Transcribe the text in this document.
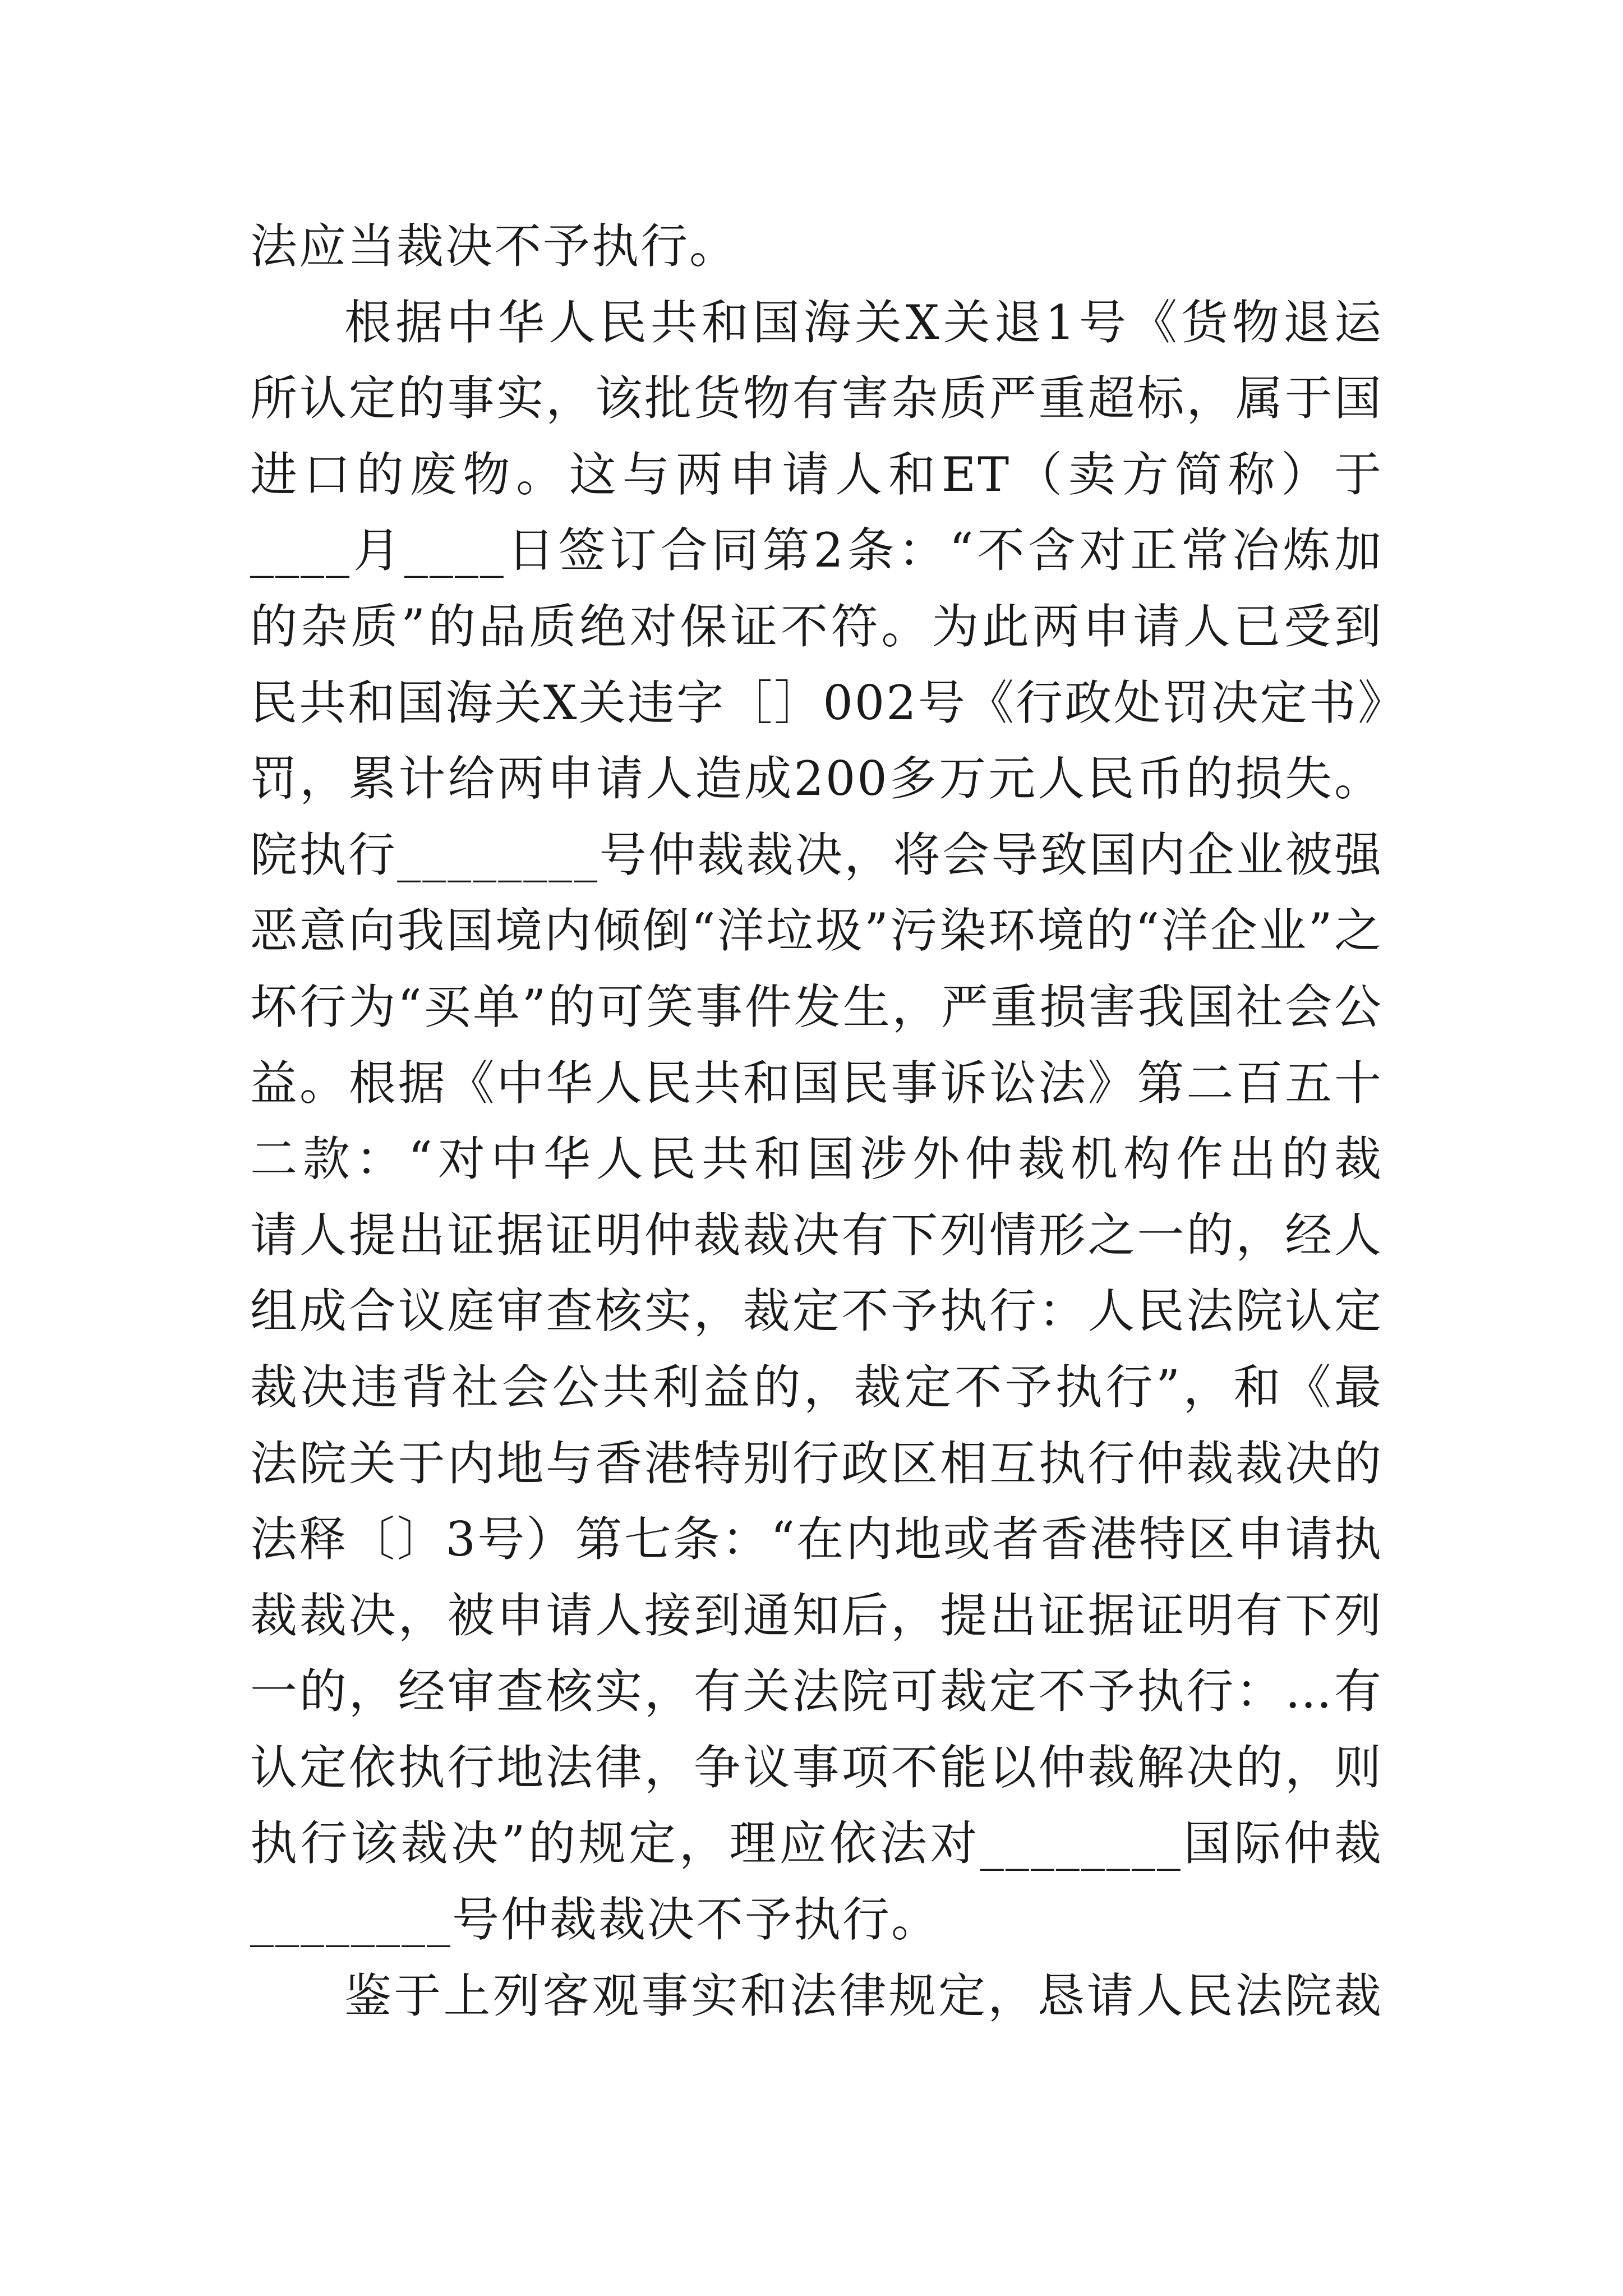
法应当裁决不予执行。
根据中华人民共和国海关X关退1号《货物退运
所认定的事实，该批货物有害杂质严重超标，属于国
进口的废物。这与两申请人和ET（卖方简称）于
____月____日签订合同第2条：“不含对正常冶炼加
的杂质”的品质绝对保证不符。为此两申请人已受到
民共和国海关X关违字［］002号《行政处罚决定书》
罚，累计给两申请人造成200多万元人民币的损失。
院执行________号仲裁裁决，将会导致国内企业被强
恶意向我国境内倾倒“洋垃圾”污染环境的“洋企业”之
坏行为“买单”的可笑事件发生，严重损害我国社会公
益。根据《中华人民共和国民事诉讼法》第二百五十
二款：“对中华人民共和国涉外仲裁机构作出的裁
请人提出证据证明仲裁裁决有下列情形之一的，经人
组成合议庭审查核实，裁定不予执行：人民法院认定
裁决违背社会公共利益的，裁定不予执行”，和《最
法院关于内地与香港特别行政区相互执行仲裁裁决的
法释〔〕3号）第七条：“在内地或者香港特区申请执
裁裁决，被申请人接到通知后，提出证据证明有下列
一的，经审查核实，有关法院可裁定不予执行：…有
认定依执行地法律，争议事项不能以仲裁解决的，则
执行该裁决”的规定，理应依法对________国际仲裁
________号仲裁裁决不予执行。
鉴于上列客观事实和法律规定，恳请人民法院裁
